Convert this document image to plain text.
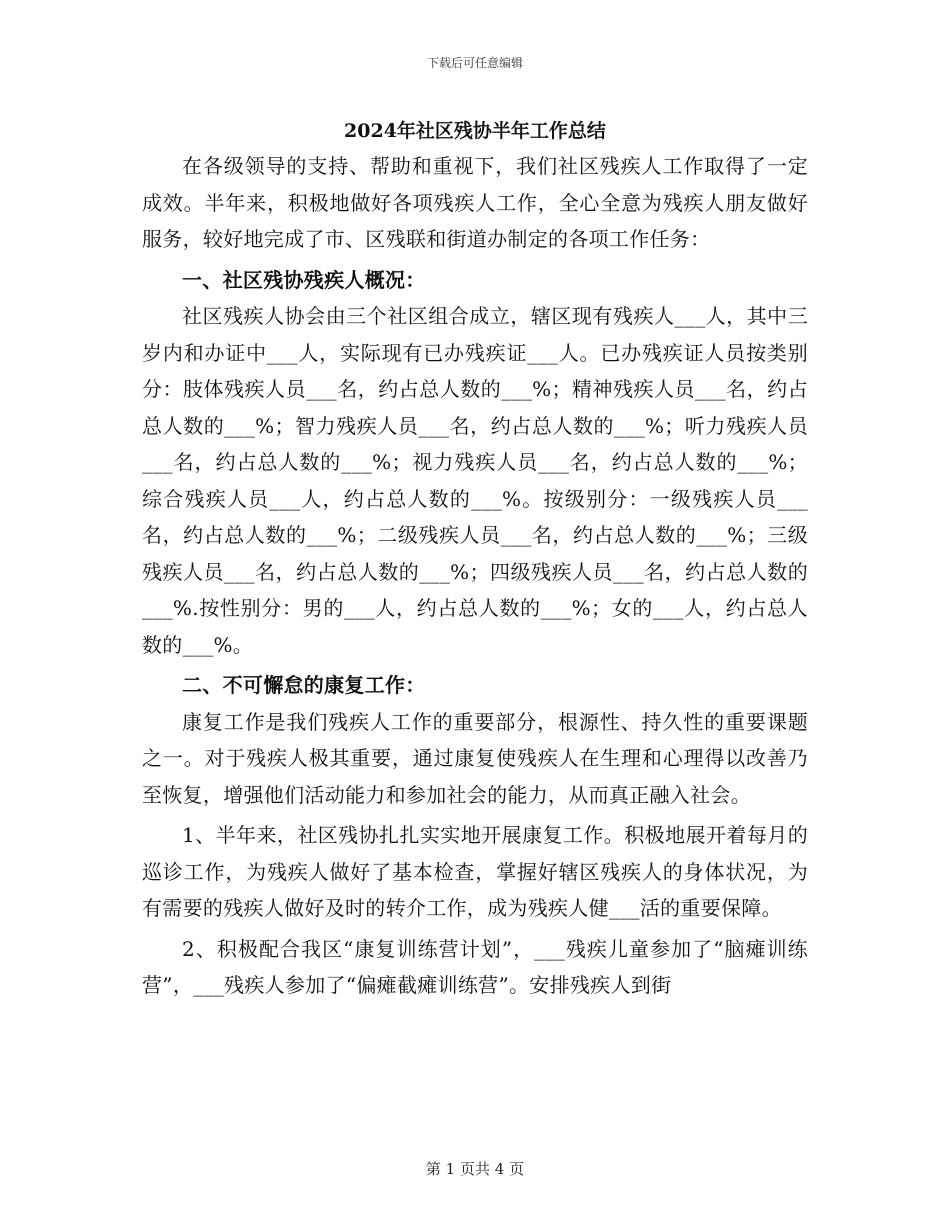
下载后可任意编辑
2024年社区残协半年工作总结

在各级领导的支持、帮助和重视下，我们社区残疾人工作取得了一定成效。半年来，积极地做好各项残疾人工作，全心全意为残疾人朋友做好服务，较好地完成了市、区残联和街道办制定的各项工作任务：

一、社区残协残疾人概况：

社区残疾人协会由三个社区组合成立，辖区现有残疾人___人，其中三岁内和办证中___人，实际现有已办残疾证___人。已办残疾证人员按类别分：肢体残疾人员___名，约占总人数的___%；精神残疾人员___名，约占总人数的___%；智力残疾人员___名，约占总人数的___%；听力残疾人员___名，约占总人数的___%；视力残疾人员___名，约占总人数的___%；综合残疾人员___人，约占总人数的___%。按级别分：一级残疾人员___名，约占总人数的___%；二级残疾人员___名，约占总人数的___%；三级残疾人员___名，约占总人数的___%；四级残疾人员___名，约占总人数的___%.按性别分：男的___人，约占总人数的___%；女的___人，约占总人数的___%。

二、不可懈怠的康复工作：

康复工作是我们残疾人工作的重要部分，根源性、持久性的重要课题之一。对于残疾人极其重要，通过康复使残疾人在生理和心理得以改善乃至恢复，增强他们活动能力和参加社会的能力，从而真正融入社会。

1、半年来，社区残协扎扎实实地开展康复工作。积极地展开着每月的巡诊工作，为残疾人做好了基本检查，掌握好辖区残疾人的身体状况，为有需要的残疾人做好及时的转介工作，成为残疾人健___活的重要保障。

2、积极配合我区“康复训练营计划”，___残疾儿童参加了“脑瘫训练营”，___残疾人参加了“偏瘫截瘫训练营”。安排残疾人到街

第 1 页共 4 页
